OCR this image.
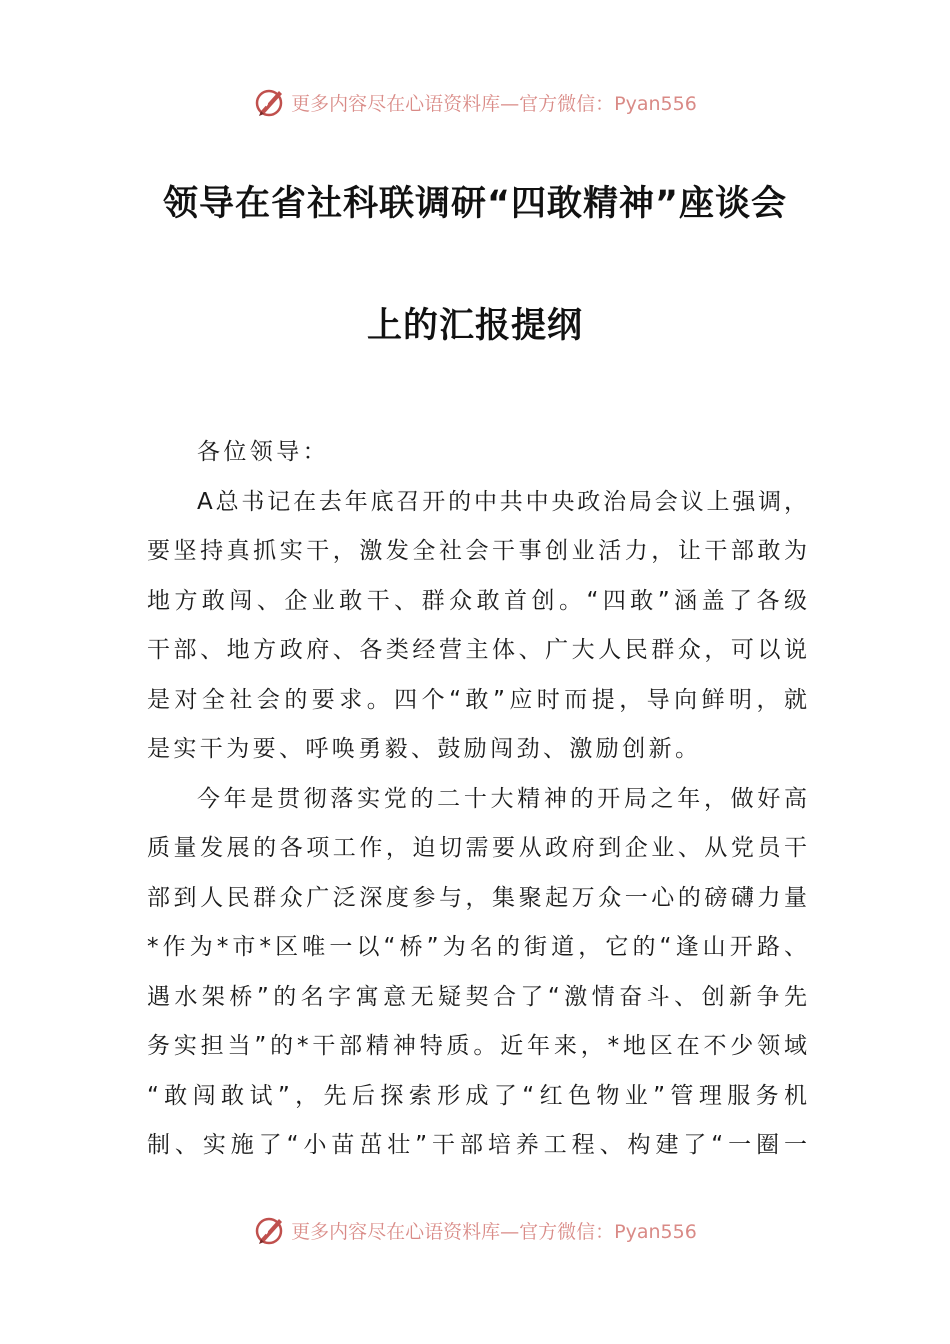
更多内容尽在心语资料库—官方微信：Pyan556
领导在省社科联调研“四敢精神”座谈会
上的汇报提纲
各位领导：
A总书记在去年底召开的中共中央政治局会议上强调，
要坚持真抓实干，激发全社会干事创业活力，让干部敢为
地方敢闯、企业敢干、群众敢首创。“四敢”涵盖了各级
干部、地方政府、各类经营主体、广大人民群众，可以说
是对全社会的要求。四个“敢”应时而提，导向鲜明，就
是实干为要、呼唤勇毅、鼓励闯劲、激励创新。
今年是贯彻落实党的二十大精神的开局之年，做好高
质量发展的各项工作，迫切需要从政府到企业、从党员干
部到人民群众广泛深度参与，集聚起万众一心的磅礴力量
*作为*市*区唯一以“桥”为名的街道，它的“逢山开路、
遇水架桥”的名字寓意无疑契合了“激情奋斗、创新争先
务实担当”的*干部精神特质。近年来，*地区在不少领域
“敢闯敢试”，先后探索形成了“红色物业”管理服务机
制、实施了“小苗茁壮”干部培养工程、构建了“一圈一
更多内容尽在心语资料库—官方微信：Pyan556
